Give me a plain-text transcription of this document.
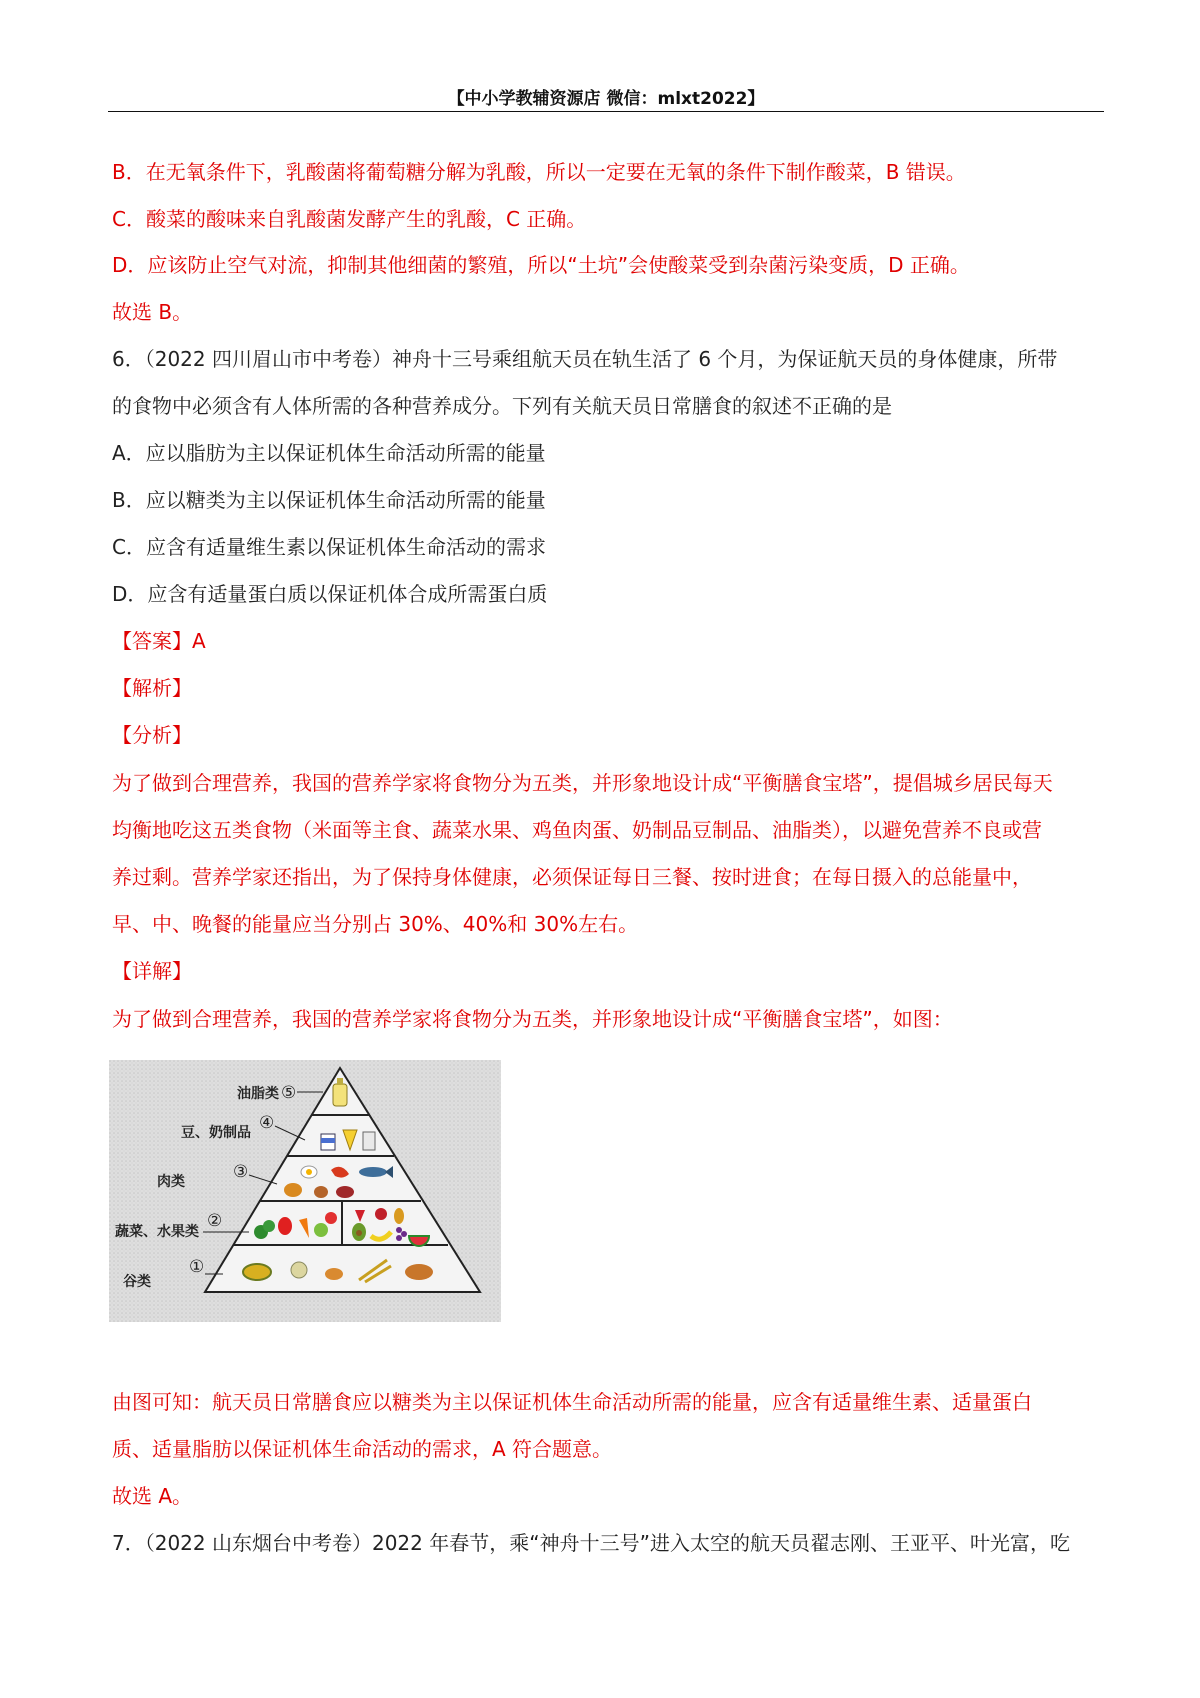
【中小学教辅资源店 微信：mlxt2022】
B．在无氧条件下，乳酸菌将葡萄糖分解为乳酸，所以一定要在无氧的条件下制作酸菜，B 错误。
C．酸菜的酸味来自乳酸菌发酵产生的乳酸，C 正确。
D．应该防止空气对流，抑制其他细菌的繁殖，所以“土坑”会使酸菜受到杂菌污染变质，D 正确。
故选 B。
6．（2022 四川眉山市中考卷）神舟十三号乘组航天员在轨生活了 6 个月，为保证航天员的身体健康，所带
的食物中必须含有人体所需的各种营养成分。下列有关航天员日常膳食的叙述不正确的是
A．应以脂肪为主以保证机体生命活动所需的能量
B．应以糖类为主以保证机体生命活动所需的能量
C．应含有适量维生素以保证机体生命活动的需求
D．应含有适量蛋白质以保证机体合成所需蛋白质
【答案】A
【解析】
【分析】
为了做到合理营养，我国的营养学家将食物分为五类，并形象地设计成“平衡膳食宝塔”，提倡城乡居民每天
均衡地吃这五类食物（米面等主食、蔬菜水果、鸡鱼肉蛋、奶制品豆制品、油脂类），以避免营养不良或营
养过剩。营养学家还指出，为了保持身体健康，必须保证每日三餐、按时进食；在每日摄入的总能量中，
早、中、晚餐的能量应当分别占 30%、40%和 30%左右。
【详解】
为了做到合理营养，我国的营养学家将食物分为五类，并形象地设计成“平衡膳食宝塔”，如图：
油脂类 ⑤
豆、奶制品 ④
肉类	③
蔬菜、水果类 ②
谷类
①
由图可知：航天员日常膳食应以糖类为主以保证机体生命活动所需的能量，应含有适量维生素、适量蛋白
质、适量脂肪以保证机体生命活动的需求，A 符合题意。
故选 A。
7．（2022 山东烟台中考卷）2022 年春节，乘“神舟十三号”进入太空的航天员翟志刚、王亚平、叶光富，吃
